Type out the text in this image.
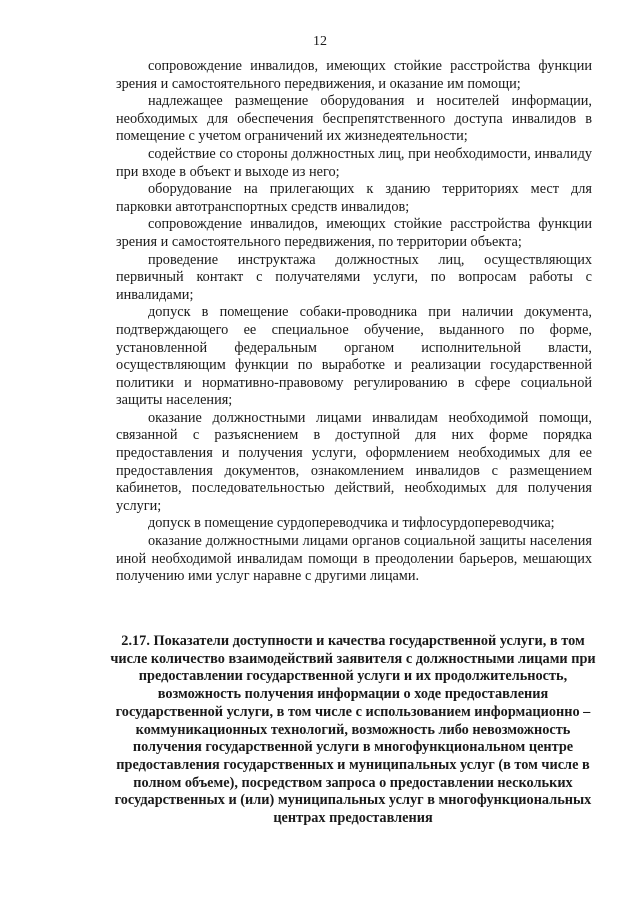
12

сопровождение инвалидов, имеющих стойкие расстройства функции зрения и самостоятельного передвижения, и оказание им помощи;

надлежащее размещение оборудования и носителей информации, необходимых для обеспечения беспрепятственного доступа инвалидов в помещение с учетом ограничений их жизнедеятельности;

содействие со стороны должностных лиц, при необходимости, инвалиду при входе в объект и выходе из него;

оборудование на прилегающих к зданию территориях мест для парковки автотранспортных средств инвалидов;

сопровождение инвалидов, имеющих стойкие расстройства функции зрения и самостоятельного передвижения, по территории объекта;

проведение инструктажа должностных лиц, осуществляющих первичный контакт с получателями услуги, по вопросам работы с инвалидами;

допуск в помещение собаки-проводника при наличии документа, подтверждающего ее специальное обучение, выданного по форме, установленной федеральным органом исполнительной власти, осуществляющим функции по выработке и реализации государственной политики и нормативно-правовому регулированию в сфере социальной защиты населения;

оказание должностными лицами инвалидам необходимой помощи, связанной с разъяснением в доступной для них форме порядка предоставления и получения услуги, оформлением необходимых для ее предоставления документов, ознакомлением инвалидов с размещением кабинетов, последовательностью действий, необходимых для получения услуги;

допуск в помещение сурдопереводчика и тифлосурдопереводчика;

оказание должностными лицами органов социальной защиты населения иной необходимой инвалидам помощи в преодолении барьеров, мешающих получению ими услуг наравне с другими лицами.

2.17. Показатели доступности и качества государственной услуги, в том числе количество взаимодействий заявителя с должностными лицами при предоставлении государственной услуги и их продолжительность, возможность получения информации о ходе предоставления государственной услуги, в том числе с использованием информационно – коммуникационных технологий, возможность либо невозможность получения государственной услуги в многофункциональном центре предоставления государственных и муниципальных услуг (в том числе в полном объеме), посредством запроса о предоставлении нескольких государственных и (или) муниципальных услуг в многофункциональных центрах предоставления
